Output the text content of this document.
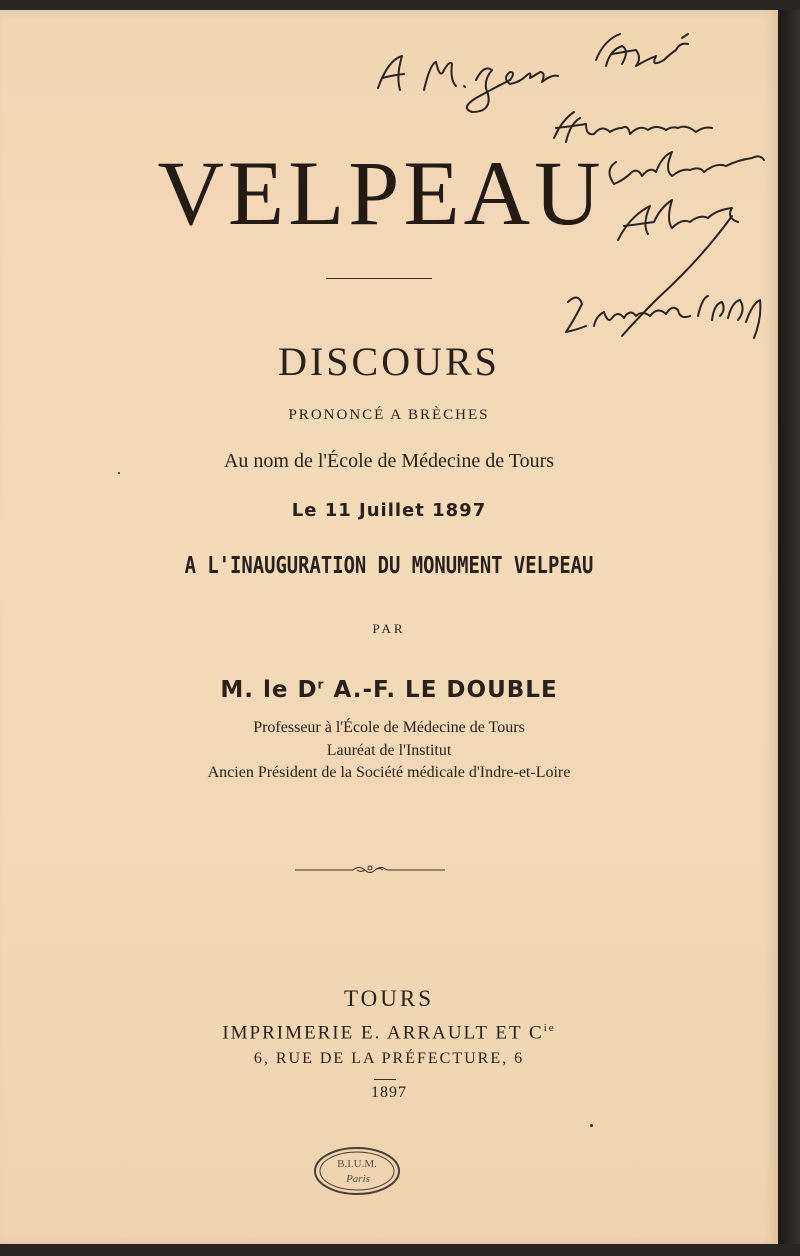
VELPEAU
DISCOURS
PRONONCÉ A BRÈCHES
Au nom de l'École de Médecine de Tours
Le 11 Juillet 1897
A L'INAUGURATION DU MONUMENT VELPEAU
PAR
M. le $D^r$ A.-F. LE DOUBLE
Professeur à l'École de Médecine de Tours
Lauréat de l'Institut
Ancien Président de la Société médicale d'Indre-et-Loire
TOURS
IMPRIMERIE E. ARRAULT ET $C^{ie}$
6, RUE DE LA PRÉFECTURE, 6
1897
B.I.U.M.
Paris
